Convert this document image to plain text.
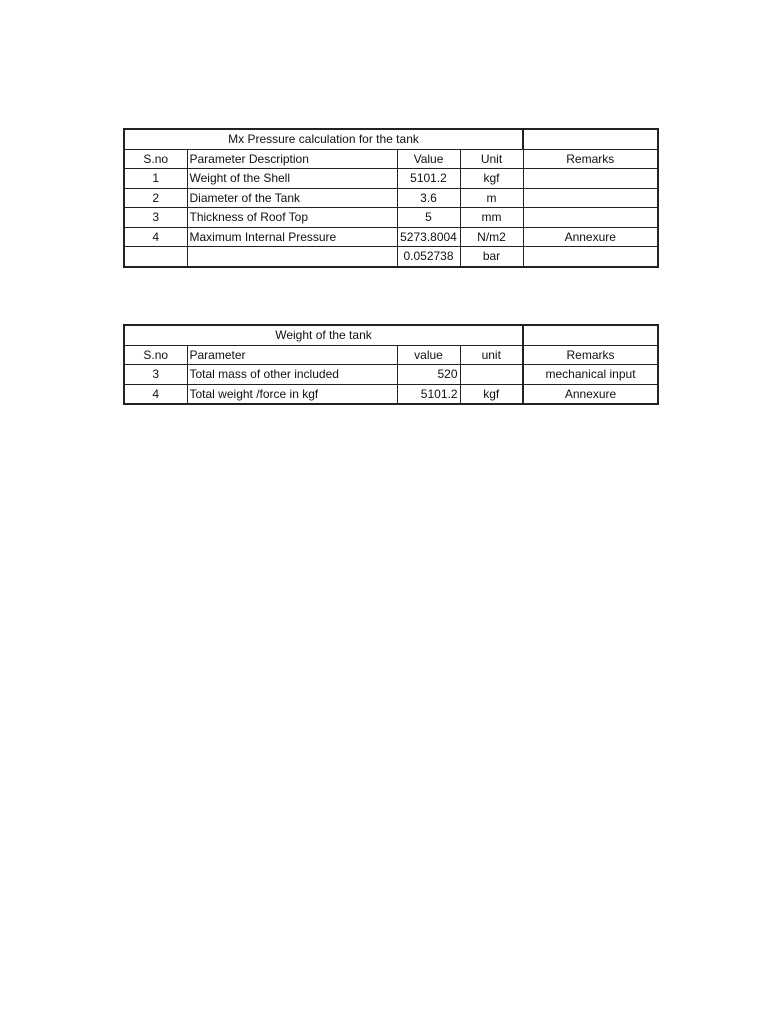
Mx Pressure calculation for the tank				
S.no	Parameter Description	Value	Unit	Remarks
1	Weight of the Shell	5101.2	kgf	
2	Diameter of the Tank	3.6	m	
3	Thickness of Roof Top	5	mm	
4	Maximum Internal Pressure	5273.8004	N/m2	Annexure
		0.052738	bar	
Weight of the tank				
S.no	Parameter	value	unit	Remarks
3	Total mass of other included	520		mechanical input
4	Total weight /force in kgf	5101.2	kgf	Annexure
